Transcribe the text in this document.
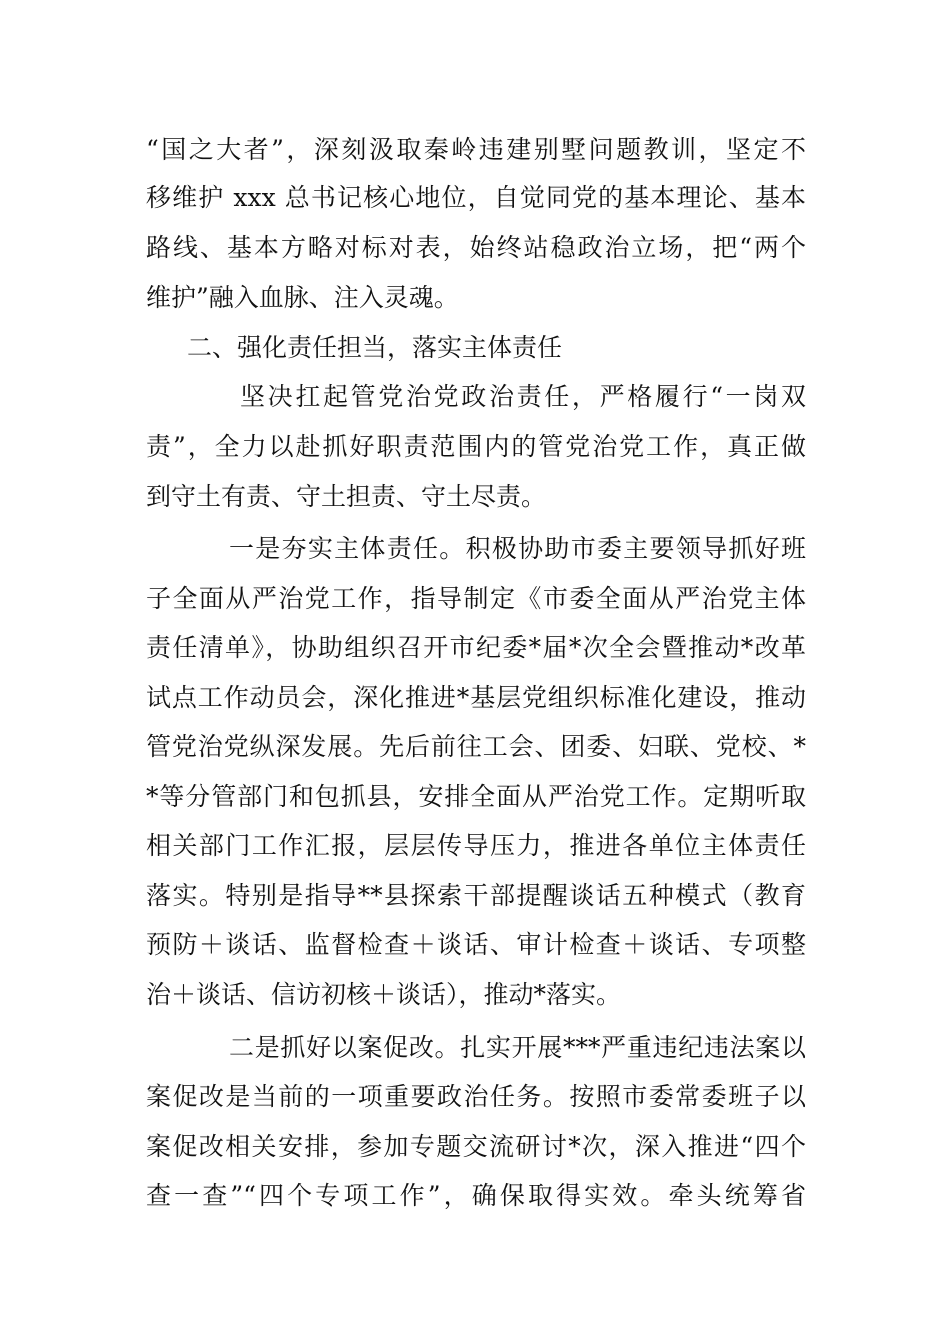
“国之大者”，深刻汲取秦岭违建别墅问题教训，坚定不
移维护 xxx 总书记核心地位，自觉同党的基本理论、基本
路线、基本方略对标对表，始终站稳政治立场，把“两个
维护”融入血脉、注入灵魂。
二、强化责任担当，落实主体责任
坚决扛起管党治党政治责任，严格履行“一岗双
责”，全力以赴抓好职责范围内的管党治党工作，真正做
到守土有责、守土担责、守土尽责。
一是夯实主体责任。积极协助市委主要领导抓好班
子全面从严治党工作，指导制定《市委全面从严治党主体
责任清单》，协助组织召开市纪委*届*次全会暨推动*改革
试点工作动员会，深化推进*基层党组织标准化建设，推动
管党治党纵深发展。先后前往工会、团委、妇联、党校、*
*等分管部门和包抓县，安排全面从严治党工作。定期听取
相关部门工作汇报，层层传导压力，推进各单位主体责任
落实。特别是指导**县探索干部提醒谈话五种模式（教育
预防＋谈话、监督检查＋谈话、审计检查＋谈话、专项整
治＋谈话、信访初核＋谈话），推动*落实。
二是抓好以案促改。扎实开展***严重违纪违法案以
案促改是当前的一项重要政治任务。按照市委常委班子以
案促改相关安排，参加专题交流研讨*次，深入推进“四个
查一查”“四个专项工作”，确保取得实效。牵头统筹省
